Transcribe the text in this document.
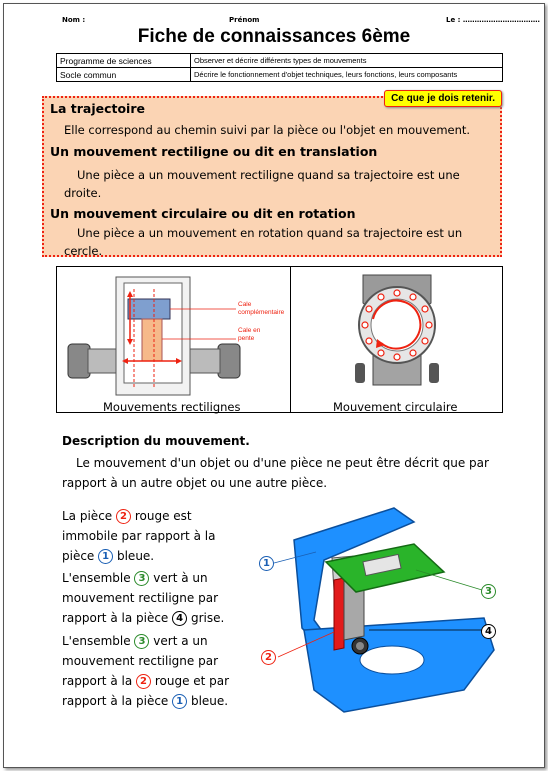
Nom :	Prénom	Le : ……………………………
Fiche de connaissances 6ème
Programme de sciences	Observer et décrire différents types de mouvements
Socle commun	Décrire le fonctionnement d'objet techniques, leurs fonctions, leurs composants
Ce que je dois retenir.
La trajectoire
Elle correspond au chemin suivi par la pièce ou l'objet en mouvement.
Un mouvement rectiligne ou dit en translation
Une pièce a un mouvement rectiligne quand sa trajectoire est une
droite.
Un mouvement circulaire ou dit en rotation
Une pièce a un mouvement en rotation quand sa trajectoire est un
cercle.
Cale
complémentaire
Cale en
pente
Mouvements rectilignes	Mouvement circulaire
Description du mouvement.
Le mouvement d'un objet ou d'une pièce ne peut être décrit que par rapport à un autre objet ou une autre pièce.
La pièce 2 rouge est immobile par rapport à la pièce 1 bleue.
L'ensemble 3 vert à un mouvement rectiligne par rapport à la pièce 4 grise.
L'ensemble 3 vert a un mouvement rectiligne par rapport à la 2 rouge et par rapport à la pièce 1 bleue.
1
2
3
4
